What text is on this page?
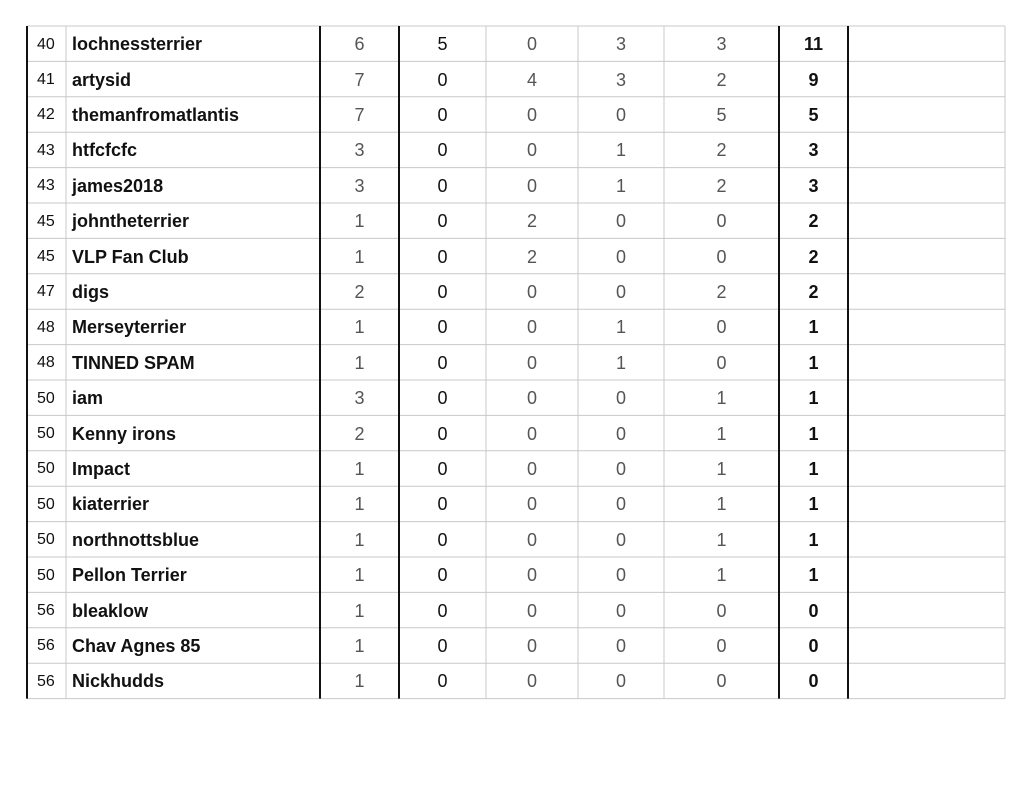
40 lochnessterrier	6	5	0	3	3	11
41 artysid	7	0	4	3	2	9
42 themanfromatlantis	7	0	0	0	5	5
43 htfcfcfc	3	0	0	1	2	3
43 james2018	3	0	0	1	2	3
45 johntheterrier	1	0	2	0	0	2
45 VLP Fan Club	1	0	2	0	0	2
47 digs	2	0	0	0	2	2
48 Merseyterrier	1	0	0	1	0	1
48 TINNED SPAM	1	0	0	1	0	1
50 iam	3	0	0	0	1	1
50 Kenny irons	2	0	0	0	1	1
50 Impact	1	0	0	0	1	1
50 kiaterrier	1	0	0	0	1	1
50 northnottsblue	1	0	0	0	1	1
50 Pellon Terrier	1	0	0	0	1	1
56 bleaklow	1	0	0	0	0	0
56 Chav Agnes 85	1	0	0	0	0	0
56 Nickhudds	1	0	0	0	0	0
